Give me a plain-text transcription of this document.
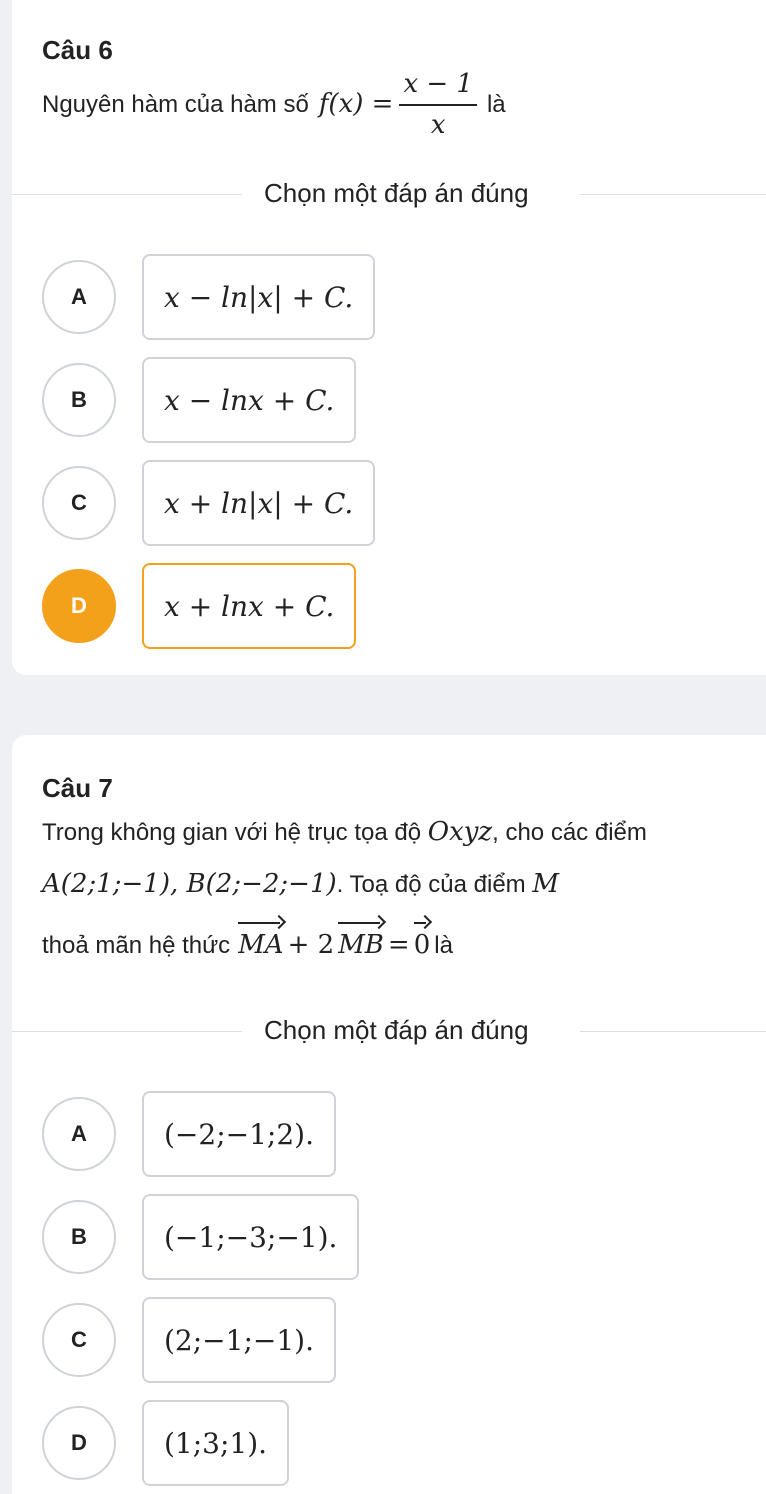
Câu 6
Nguyên hàm của hàm số $f(x) = \frac{x - 1}{x}$ là
Chọn một đáp án đúng
A	x − ln|x| + C.
B	x − lnx + C.
C	x + ln|x| + C.
D	x + lnx + C.
Câu 7
Trong không gian với hệ trục tọa độ Oxyz, cho các điểm
A(2;1;−1), B(2;−2;−1). Toạ độ của điểm M
thoả mãn hệ thức MA + 2 MB = 0 là
Chọn một đáp án đúng
A	(−2;−1;2).
B	(−1;−3;−1).
C	(2;−1;−1).
D	(1;3;1).
